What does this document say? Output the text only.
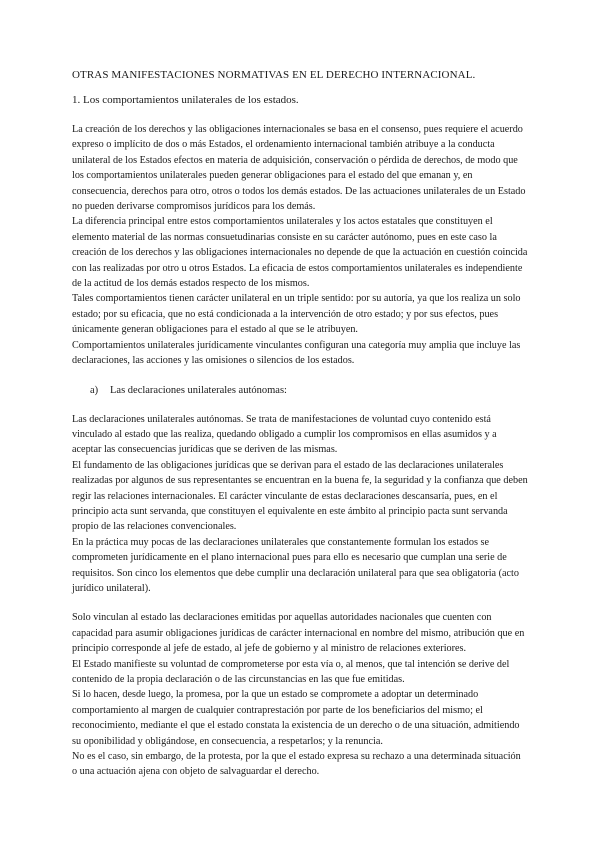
OTRAS MANIFESTACIONES NORMATIVAS EN EL DERECHO INTERNACIONAL.

1. Los comportamientos unilaterales de los estados.

La creación de los derechos y las obligaciones internacionales se basa en el consenso, pues requiere el acuerdo expreso o implícito de dos o más Estados, el ordenamiento internacional también atribuye a la conducta unilateral de los Estados efectos en materia de adquisición, conservación o pérdida de derechos, de modo que los comportamientos unilaterales pueden generar obligaciones para el estado del que emanan y, en consecuencia, derechos para otro, otros o todos los demás estados. De las actuaciones unilaterales de un Estado no pueden derivarse compromisos jurídicos para los demás.

La diferencia principal entre estos comportamientos unilaterales y los actos estatales que constituyen el elemento material de las normas consuetudinarias consiste en su carácter autónomo, pues en este caso la creación de los derechos y las obligaciones internacionales no depende de que la actuación en cuestión coincida con las realizadas por otro u otros Estados. La eficacia de estos comportamientos unilaterales es independiente de la actitud de los demás estados respecto de los mismos.

Tales comportamientos tienen carácter unilateral en un triple sentido: por su autoría, ya que los realiza un solo estado; por su eficacia, que no está condicionada a la intervención de otro estado; y por sus efectos, pues únicamente generan obligaciones para el estado al que se le atribuyen.

Comportamientos unilaterales jurídicamente vinculantes configuran una categoría muy amplia que incluye las declaraciones, las acciones y las omisiones o silencios de los estados.

a)	Las declaraciones unilaterales autónomas:

Las declaraciones unilaterales autónomas. Se trata de manifestaciones de voluntad cuyo contenido está vinculado al estado que las realiza, quedando obligado a cumplir los compromisos en ellas asumidos y a aceptar las consecuencias jurídicas que se deriven de las mismas.

El fundamento de las obligaciones jurídicas que se derivan para el estado de las declaraciones unilaterales realizadas por algunos de sus representantes se encuentran en la buena fe, la seguridad y la confianza que deben regir las relaciones internacionales. El carácter vinculante de estas declaraciones descansaría, pues, en el principio acta sunt servanda, que constituyen el equivalente en este ámbito al principio pacta sunt servanda propio de las relaciones convencionales.

En la práctica muy pocas de las declaraciones unilaterales que constantemente formulan los estados se comprometen jurídicamente en el plano internacional pues para ello es necesario que cumplan una serie de requisitos. Son cinco los elementos que debe cumplir una declaración unilateral para que sea obligatoria (acto jurídico unilateral).

Solo vinculan al estado las declaraciones emitidas por aquellas autoridades nacionales que cuenten con capacidad para asumir obligaciones jurídicas de carácter internacional en nombre del mismo, atribución que en principio corresponde al jefe de estado, al jefe de gobierno y al ministro de relaciones exteriores.

El Estado manifieste su voluntad de comprometerse por esta vía o, al menos, que tal intención se derive del contenido de la propia declaración o de las circunstancias en las que fue emitidas.

Si lo hacen, desde luego, la promesa, por la que un estado se compromete a adoptar un determinado comportamiento al margen de cualquier contraprestación por parte de los beneficiarios del mismo; el reconocimiento, mediante el que el estado constata la existencia de un derecho o de una situación, admitiendo su oponibilidad y obligándose, en consecuencia, a respetarlos; y la renuncia.

No es el caso, sin embargo, de la protesta, por la que el estado expresa su rechazo a una determinada situación o una actuación ajena con objeto de salvaguardar el derecho.
